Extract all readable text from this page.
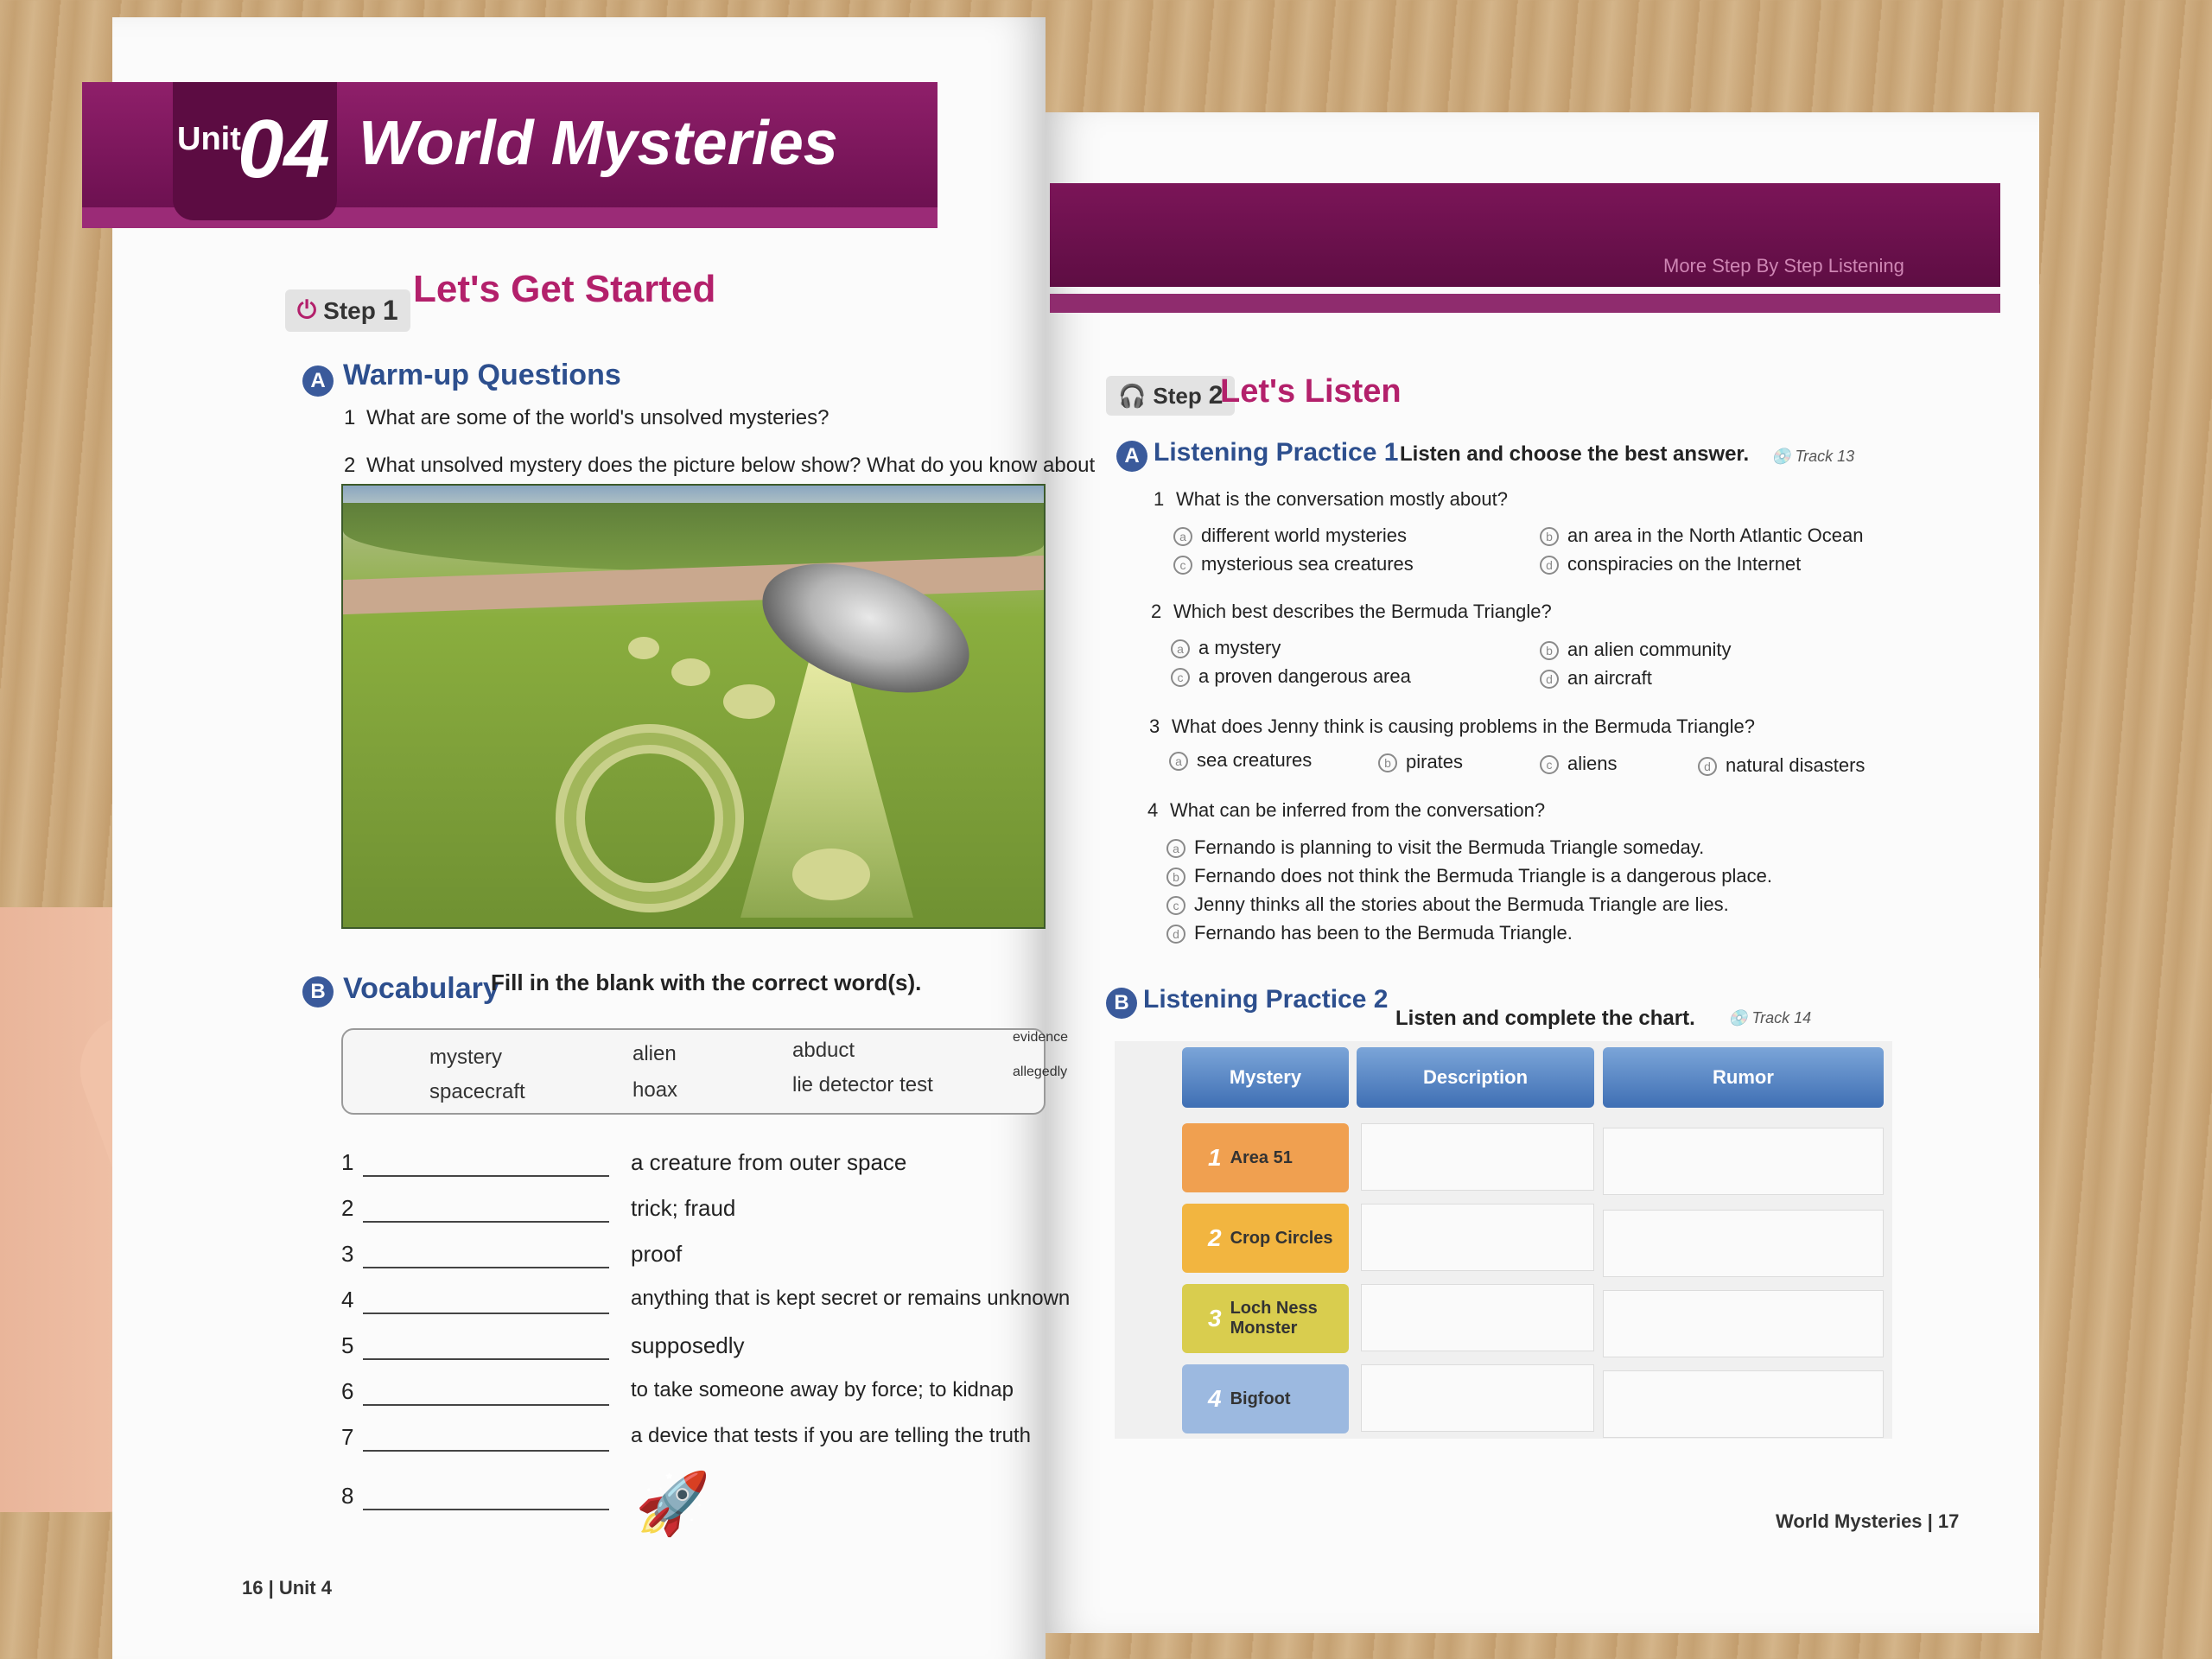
Unit
04 World Mysteries
⏻ Step 1 Let's Get Started
A Warm-up Questions
1 What are some of the world's unsolved mysteries?
2 What unsolved mystery does the picture below show? What do you know about
B Vocabulary
Fill in the blank with the correct word(s).
mystery	alien	abduct
evidence
spacecraft	hoax	lie detector test
allegedly
1	a creature from outer space
2	trick; fraud
3	proof
4	anything that is kept secret or remains unknown
5	supposedly
6	to take someone away by force; to kidnap
7	a device that tests if you are telling the truth
8	🚀
16 | Unit 4
More Step By Step Listening
🎧 Step 2
Let's Listen
A Listening Practice 1 Listen and choose the best answer. 💿 Track 13
1 What is the conversation mostly about?
a different world mysteries	b an area in the North Atlantic Ocean
c mysterious sea creatures	d conspiracies on the Internet
2 Which best describes the Bermuda Triangle?
a a mystery	b an alien community
c a proven dangerous area	d an aircraft
3 What does Jenny think is causing problems in the Bermuda Triangle?
a sea creatures	b pirates	c aliens	d natural disasters
4 What can be inferred from the conversation?
a Fernando is planning to visit the Bermuda Triangle someday.
b Fernando does not think the Bermuda Triangle is a dangerous place.
c Jenny thinks all the stories about the Bermuda Triangle are lies.
d Fernando has been to the Bermuda Triangle.
B Listening Practice 2
Listen and complete the chart. 💿 Track 14
Mystery	Description	Rumor
1 Area 51
2 Crop Circles
3 Loch Ness Monster
4 Bigfoot
World Mysteries | 17
